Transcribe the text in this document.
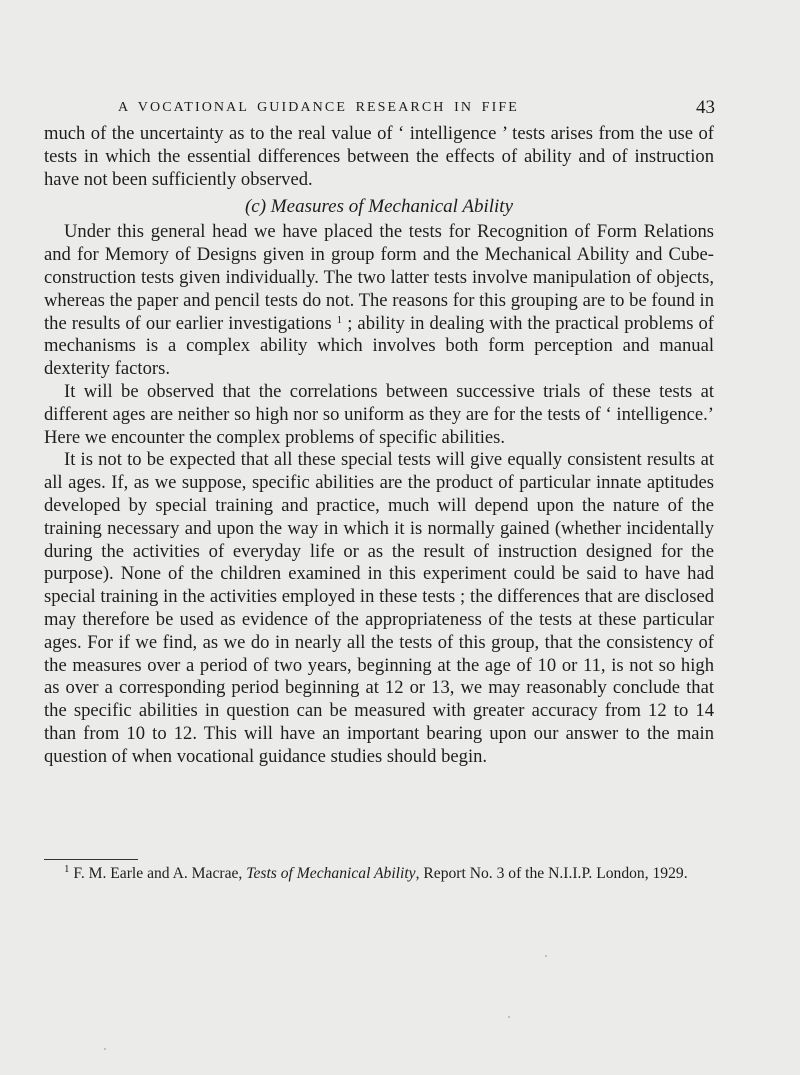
A VOCATIONAL GUIDANCE RESEARCH IN FIFE	43

much of the uncertainty as to the real value of ‘ intelligence ’ tests arises from the use of tests in which the essential differences between the effects of ability and of instruction have not been sufficiently observed.

(c) Measures of Mechanical Ability

Under this general head we have placed the tests for Recognition of Form Relations and for Memory of Designs given in group form and the Mechanical Ability and Cube-construction tests given individually. The two latter tests involve manipulation of objects, whereas the paper and pencil tests do not. The reasons for this grouping are to be found in the results of our earlier investigations $^1$ ; ability in dealing with the practical problems of mechanisms is a complex ability which involves both form perception and manual dexterity factors.

It will be observed that the correlations between successive trials of these tests at different ages are neither so high nor so uniform as they are for the tests of ‘ intelligence.’ Here we encounter the complex problems of specific abilities.

It is not to be expected that all these special tests will give equally consistent results at all ages. If, as we suppose, specific abilities are the product of particular innate aptitudes developed by special training and practice, much will depend upon the nature of the training necessary and upon the way in which it is normally gained (whether incidentally during the activities of everyday life or as the result of instruction designed for the purpose). None of the children examined in this experiment could be said to have had special training in the activities employed in these tests ; the differences that are disclosed may therefore be used as evidence of the appropriateness of the tests at these particular ages. For if we find, as we do in nearly all the tests of this group, that the consistency of the measures over a period of two years, beginning at the age of 10 or 11, is not so high as over a corresponding period beginning at 12 or 13, we may reasonably conclude that the specific abilities in question can be measured with greater accuracy from 12 to 14 than from 10 to 12. This will have an important bearing upon our answer to the main question of when vocational guidance studies should begin.

$^1$ F. M. Earle and A. Macrae, Tests of Mechanical Ability, Report No. 3 of the N.I.I.P. London, 1929.
